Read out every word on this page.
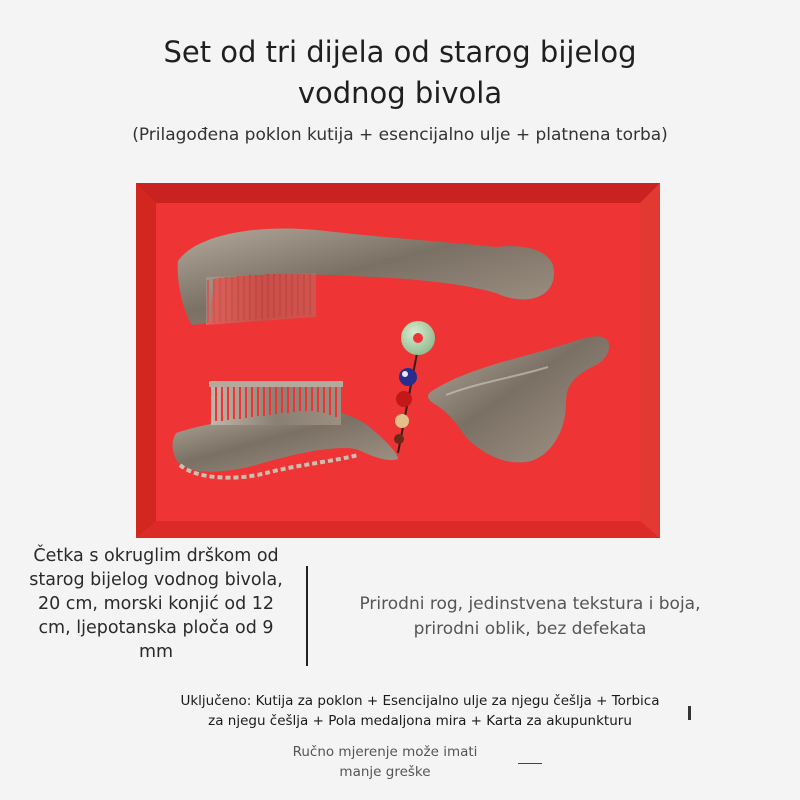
Set od tri dijela od starog bijelog
vodnog bivola
(Prilagođena poklon kutija + esencijalno ulje + platnena torba)
Četka s okruglim drškom od starog bijelog vodnog bivola, 20 cm, morski konjić od 12 cm, ljepotanska ploča od 9 mm
Prirodni rog, jedinstvena tekstura i boja,
prirodni oblik, bez defekata
Uključeno: Kutija za poklon + Esencijalno ulje za njegu češlja + Torbica
za njegu češlja + Pola medaljona mira + Karta za akupunkturu
Ručno mjerenje može imati
manje greške
